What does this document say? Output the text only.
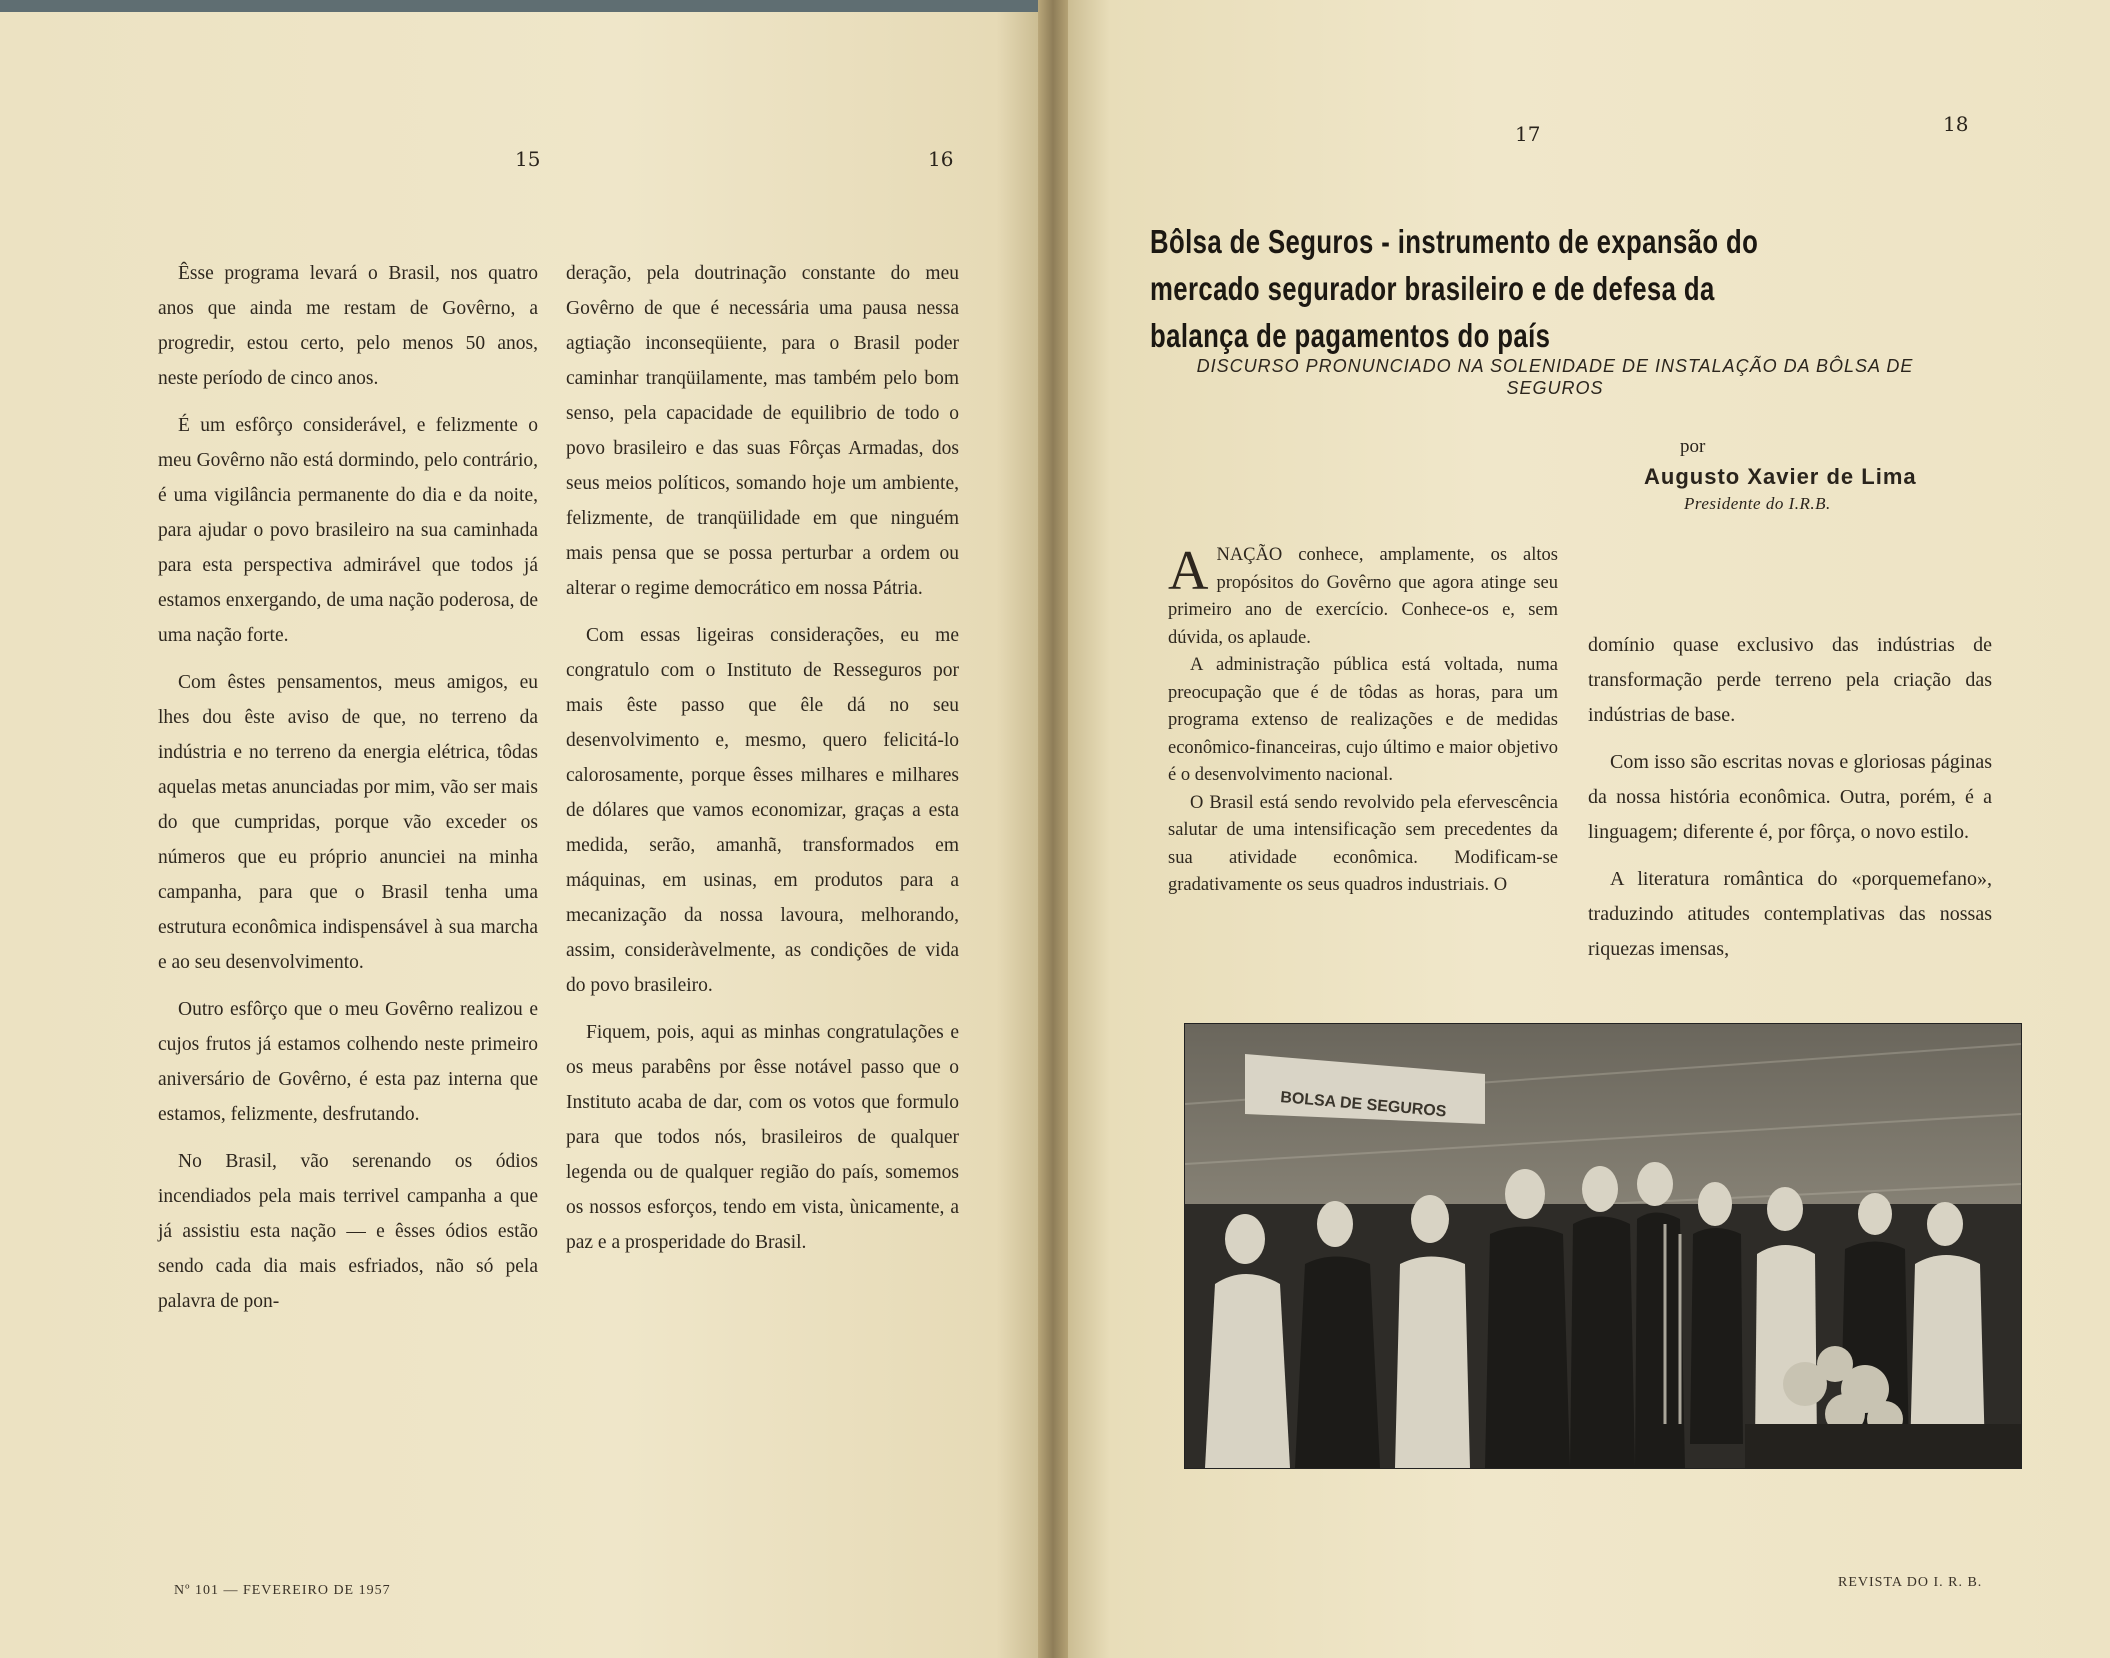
15	16

Êsse programa levará o Brasil, nos quatro anos que ainda me restam de Govêrno, a progredir, estou certo, pelo menos 50 anos, neste período de cinco anos.

É um esfôrço considerável, e felizmente o meu Govêrno não está dormindo, pelo contrário, é uma vigilância permanente do dia e da noite, para ajudar o povo brasileiro na sua caminhada para esta perspectiva admirável que todos já estamos enxergando, de uma nação poderosa, de uma nação forte.

Com êstes pensamentos, meus amigos, eu lhes dou êste aviso de que, no terreno da indústria e no terreno da energia elétrica, tôdas aquelas metas anunciadas por mim, vão ser mais do que cumpridas, porque vão exceder os números que eu próprio anunciei na minha campanha, para que o Brasil tenha uma estrutura econômica indispensável à sua marcha e ao seu desenvolvimento.

Outro esfôrço que o meu Govêrno realizou e cujos frutos já estamos colhendo neste primeiro aniversário de Govêrno, é esta paz interna que estamos, felizmente, desfrutando.

No Brasil, vão serenando os ódios incendiados pela mais terrivel campanha a que já assistiu esta nação — e êsses ódios estão sendo cada dia mais esfriados, não só pela palavra de pon-

deração, pela doutrinação constante do meu Govêrno de que é necessária uma pausa nessa agtiação inconseqüiente, para o Brasil poder caminhar tranqüilamente, mas também pelo bom senso, pela capacidade de equilibrio de todo o povo brasileiro e das suas Fôrças Armadas, dos seus meios políticos, somando hoje um ambiente, felizmente, de tranqüilidade em que ninguém mais pensa que se possa perturbar a ordem ou alterar o regime democrático em nossa Pátria.

Com essas ligeiras considerações, eu me congratulo com o Instituto de Resseguros por mais êste passo que êle dá no seu desenvolvimento e, mesmo, quero felicitá-lo calorosamente, porque êsses milhares e milhares de dólares que vamos economizar, graças a esta medida, serão, amanhã, transformados em máquinas, em usinas, em produtos para a mecanização da nossa lavoura, melhorando, assim, consideràvelmente, as condições de vida do povo brasileiro.

Fiquem, pois, aqui as minhas congratulações e os meus parabêns por êsse notável passo que o Instituto acaba de dar, com os votos que formulo para que todos nós, brasileiros de qualquer legenda ou de qualquer região do país, somemos os nossos esforços, tendo em vista, ùnicamente, a paz e a prosperidade do Brasil.

Nº 101 — FEVEREIRO DE 1957
17	18
Bôlsa de Seguros - instrumento de expansão do mercado segurador brasileiro e de defesa da balança de pagamentos do país
DISCURSO PRONUNCIADO NA SOLENIDADE DE INSTALAÇÃO DA BÔLSA DE SEGUROS
por
Augusto Xavier de Lima
Presidente do I.R.B.
A NAÇÃO conhece, amplamente, os altos propósitos do Govêrno que agora atinge seu primeiro ano de exercício. Conhece-os e, sem dúvida, os aplaude.

A administração pública está voltada, numa preocupação que é de tôdas as horas, para um programa extenso de realizações e de medidas econômico-financeiras, cujo último e maior objetivo é o desenvolvimento nacional.

O Brasil está sendo revolvido pela efervescência salutar de uma intensificação sem precedentes da sua atividade econômica. Modificam-se gradativamente os seus quadros industriais. O

domínio quase exclusivo das indústrias de transformação perde terreno pela criação das indústrias de base.

Com isso são escritas novas e gloriosas páginas da nossa história econômica. Outra, porém, é a linguagem; diferente é, por fôrça, o novo estilo.

A literatura romântica do «porquemefano», traduzindo atitudes contemplativas das nossas riquezas imensas,

BOLSA DE SEGUROS
REVISTA DO I. R. B.
